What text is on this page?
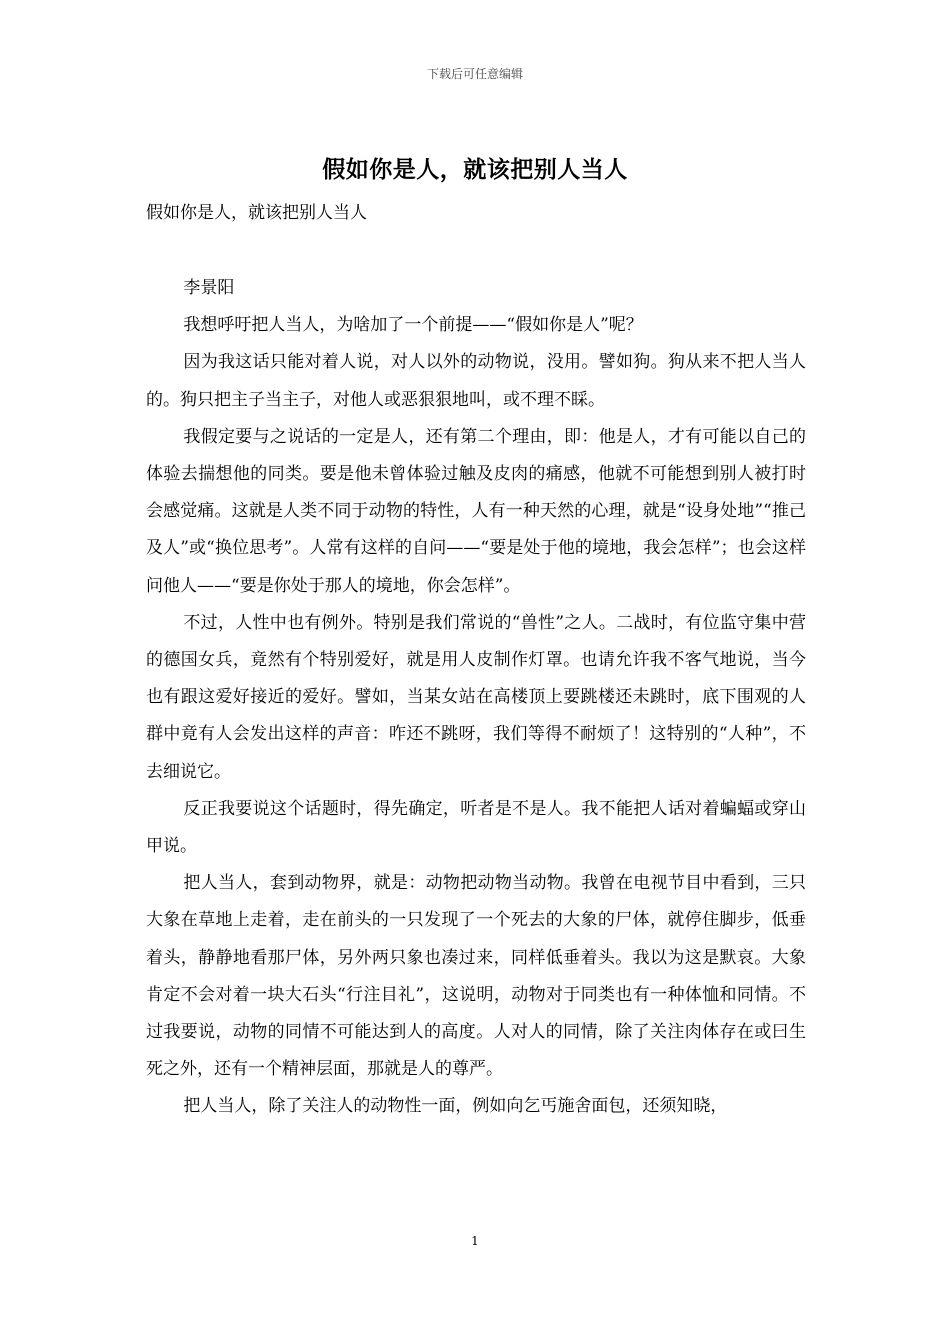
下载后可任意编辑
假如你是人，就该把别人当人
假如你是人，就该把别人当人

李景阳

我想呼吁把人当人，为啥加了一个前提——“假如你是人”呢？

因为我这话只能对着人说，对人以外的动物说，没用。譬如狗。狗从来不把人当人的。狗只把主子当主子，对他人或恶狠狠地叫，或不理不睬。

我假定要与之说话的一定是人，还有第二个理由，即：他是人，才有可能以自己的体验去揣想他的同类。要是他未曾体验过触及皮肉的痛感，他就不可能想到别人被打时会感觉痛。这就是人类不同于动物的特性，人有一种天然的心理，就是“设身处地”“推己及人”或“换位思考”。人常有这样的自问——“要是处于他的境地，我会怎样”；也会这样问他人——“要是你处于那人的境地，你会怎样”。

不过，人性中也有例外。特别是我们常说的“兽性”之人。二战时，有位监守集中营的德国女兵，竟然有个特别爱好，就是用人皮制作灯罩。也请允许我不客气地说，当今也有跟这爱好接近的爱好。譬如，当某女站在高楼顶上要跳楼还未跳时，底下围观的人群中竟有人会发出这样的声音：咋还不跳呀，我们等得不耐烦了！这特别的“人种”，不去细说它。

反正我要说这个话题时，得先确定，听者是不是人。我不能把人话对着蝙蝠或穿山甲说。

把人当人，套到动物界，就是：动物把动物当动物。我曾在电视节目中看到，三只大象在草地上走着，走在前头的一只发现了一个死去的大象的尸体，就停住脚步，低垂着头，静静地看那尸体，另外两只象也凑过来，同样低垂着头。我以为这是默哀。大象肯定不会对着一块大石头“行注目礼”，这说明，动物对于同类也有一种体恤和同情。不过我要说，动物的同情不可能达到人的高度。人对人的同情，除了关注肉体存在或曰生死之外，还有一个精神层面，那就是人的尊严。

把人当人，除了关注人的动物性一面，例如向乞丐施舍面包，还须知晓，

1
